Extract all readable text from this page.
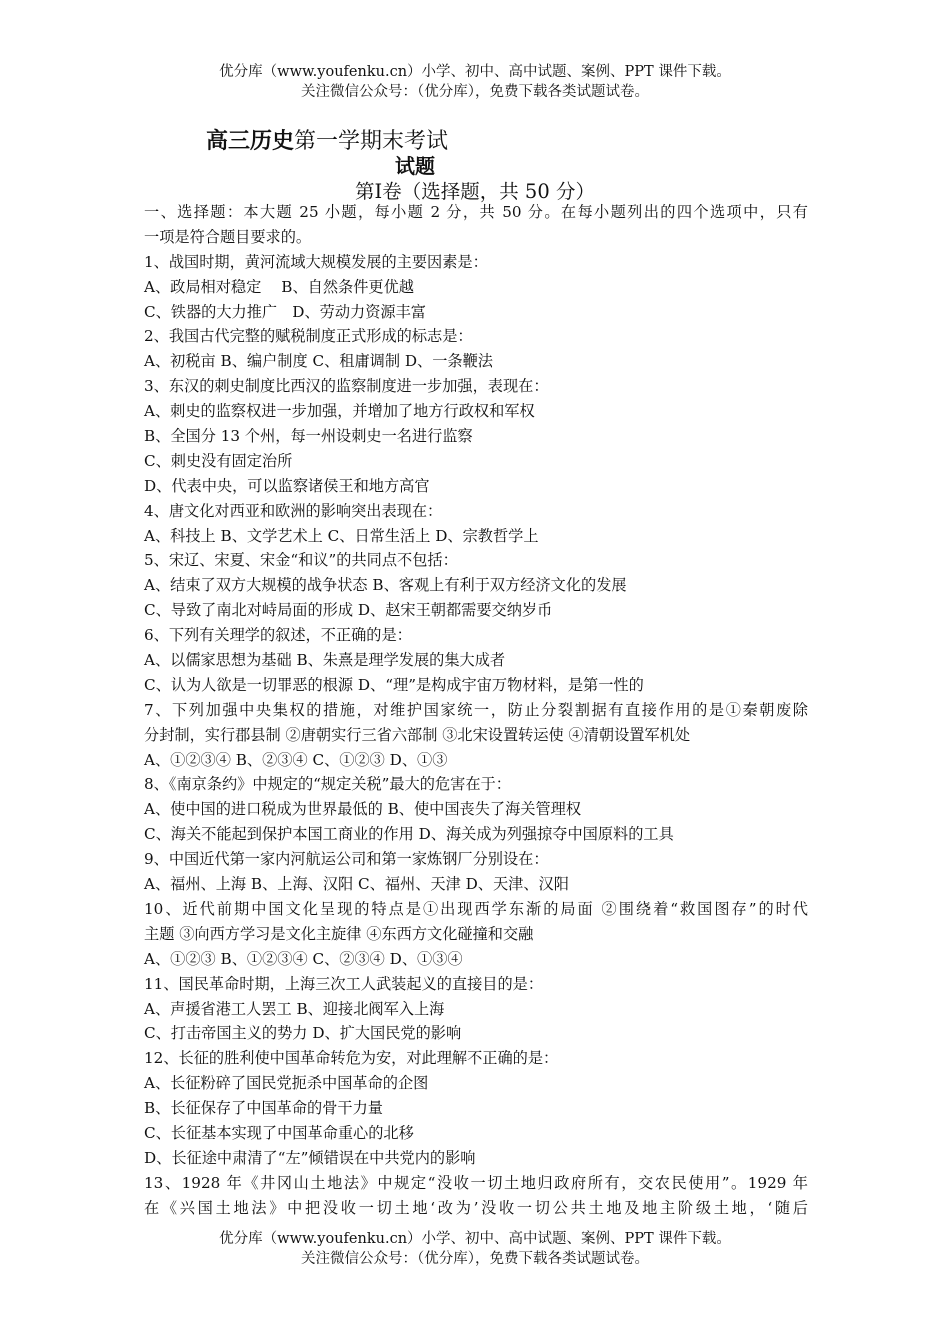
优分库（www.youfenku.cn）小学、初中、高中试题、案例、PPT 课件下载。
关注微信公众号：（优分库），免费下载各类试题试卷。
高三历史第一学期末考试
试题
第I卷（选择题，共 50 分）
一、选择题：本大题 25 小题，每小题 2 分，共 50 分。在每小题列出的四个选项中，只有
一项是符合题目要求的。
1、战国时期，黄河流域大规模发展的主要因素是：
A、政局相对稳定　 B、自然条件更优越
C、铁器的大力推广　D、劳动力资源丰富
2、我国古代完整的赋税制度正式形成的标志是：
A、初税亩 B、编户制度 C、租庸调制 D、一条鞭法
3、东汉的刺史制度比西汉的监察制度进一步加强，表现在：
A、刺史的监察权进一步加强，并增加了地方行政权和军权
B、全国分 13 个州，每一州设刺史一名进行监察
C、刺史没有固定治所
D、代表中央，可以监察诸侯王和地方高官
4、唐文化对西亚和欧洲的影响突出表现在：
A、科技上 B、文学艺术上 C、日常生活上 D、宗教哲学上
5、宋辽、宋夏、宋金“和议”的共同点不包括：
A、结束了双方大规模的战争状态 B、客观上有利于双方经济文化的发展
C、导致了南北对峙局面的形成 D、赵宋王朝都需要交纳岁币
6、下列有关理学的叙述，不正确的是：
A、以儒家思想为基础 B、朱熹是理学发展的集大成者
C、认为人欲是一切罪恶的根源 D、“理”是构成宇宙万物材料，是第一性的
7、下列加强中央集权的措施，对维护国家统一，防止分裂割据有直接作用的是①秦朝废除
分封制，实行郡县制 ②唐朝实行三省六部制 ③北宋设置转运使 ④清朝设置军机处
A、①②③④ B、②③④ C、①②③ D、①③
8、《南京条约》中规定的“规定关税”最大的危害在于：
A、使中国的进口税成为世界最低的 B、使中国丧失了海关管理权
C、海关不能起到保护本国工商业的作用 D、海关成为列强掠夺中国原料的工具
9、中国近代第一家内河航运公司和第一家炼钢厂分别设在：
A、福州、上海 B、上海、汉阳 C、福州、天津 D、天津、汉阳
10、近代前期中国文化呈现的特点是①出现西学东渐的局面 ②围绕着“救国图存”的时代
主题 ③向西方学习是文化主旋律 ④东西方文化碰撞和交融
A、①②③ B、①②③④ C、②③④ D、①③④
11、国民革命时期，上海三次工人武装起义的直接目的是：
A、声援省港工人罢工 B、迎接北阀军入上海
C、打击帝国主义的势力 D、扩大国民党的影响
12、长征的胜利使中国革命转危为安，对此理解不正确的是：
A、长征粉碎了国民党扼杀中国革命的企图
B、长征保存了中国革命的骨干力量
C、长征基本实现了中国革命重心的北移
D、长征途中肃清了“左”倾错误在中共党内的影响
13、1928 年《井冈山土地法》中规定“没收一切土地归政府所有，交农民使用”。1929 年
在《兴国土地法》中把没收一切土地‘改为’没收一切公共土地及地主阶级土地，‘随后
优分库（www.youfenku.cn）小学、初中、高中试题、案例、PPT 课件下载。
关注微信公众号：（优分库），免费下载各类试题试卷。
